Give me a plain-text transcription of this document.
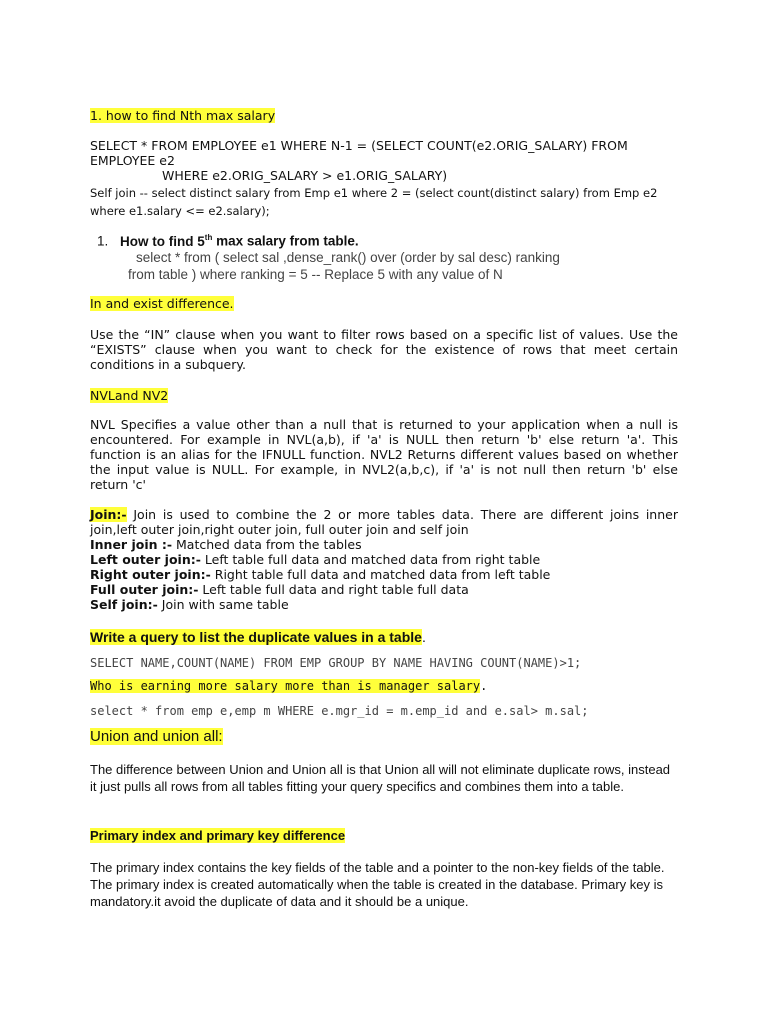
1. how to find Nth max salary

SELECT * FROM EMPLOYEE e1 WHERE N-1 = (SELECT COUNT(e2.ORIG_SALARY) FROM EMPLOYEE e2

WHERE e2.ORIG_SALARY > e1.ORIG_SALARY)

Self join -- select distinct salary from Emp e1 where 2 = (select count(distinct salary) from Emp e2 where e1.salary <= e2.salary);
1. How to find 5th max salary from table.

select * from ( select sal ,dense_rank() over (order by sal desc) ranking

from table ) where ranking = 5 -- Replace 5 with any value of N

In and exist difference.

Use the “IN” clause when you want to filter rows based on a specific list of values. Use the “EXISTS” clause when you want to check for the existence of rows that meet certain conditions in a subquery.

NVLand NV2

NVL Specifies a value other than a null that is returned to your application when a null is encountered. For example in NVL(a,b), if 'a' is NULL then return 'b' else return 'a'. This function is an alias for the IFNULL function. NVL2 Returns different values based on whether the input value is NULL. For example, in NVL2(a,b,c), if 'a' is not null then return 'b' else return 'c'

Join:- Join is used to combine the 2 or more tables data. There are different joins inner join,left outer join,right outer join, full outer join and self join

Inner join :- Matched data from the tables

Left outer join:- Left table full data and matched data from right table

Right outer join:- Right table full data and matched data from left table

Full outer join:- Left table full data and right table full data

Self join:- Join with same table

Write a query to list the duplicate values in a table.
SELECT NAME,COUNT(NAME) FROM EMP GROUP BY NAME HAVING COUNT(NAME)>1;
Who is earning more salary more than is manager salary.
select * from emp e,emp m WHERE e.mgr_id = m.emp_id and e.sal> m.sal;
Union and union all:

The difference between Union and Union all is that Union all will not eliminate duplicate rows, instead it just pulls all rows from all tables fitting your query specifics and combines them into a table.

Primary index and primary key difference

The primary index contains the key fields of the table and a pointer to the non-key fields of the table. The primary index is created automatically when the table is created in the database. Primary key is mandatory.it avoid the duplicate of data and it should be a unique.
